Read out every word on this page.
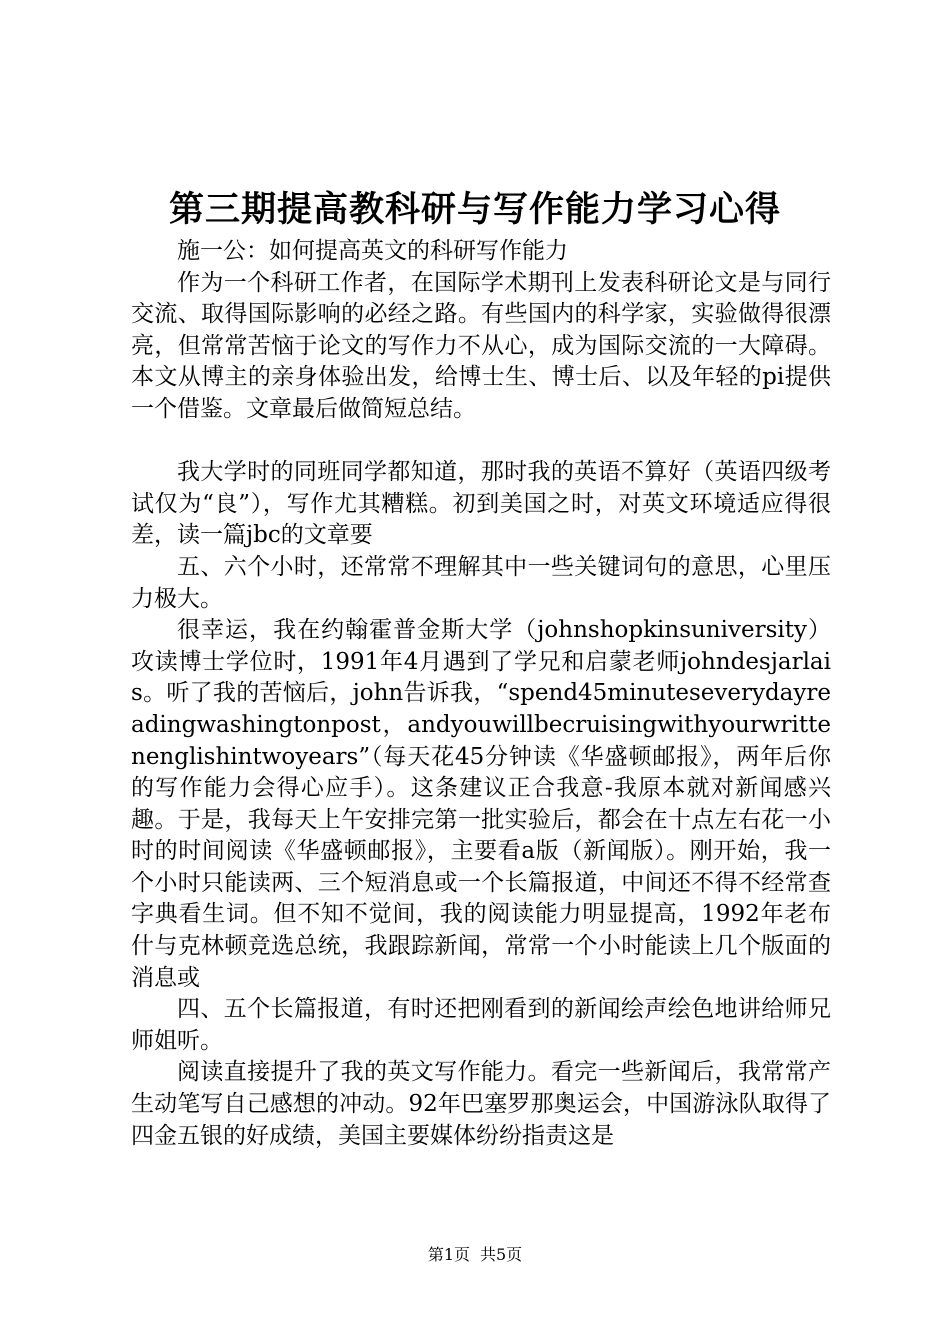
第三期提高教科研与写作能力学习心得

施一公：如何提高英文的科研写作能力

作为一个科研工作者，在国际学术期刊上发表科研论文是与同行交流、取得国际影响的必经之路。有些国内的科学家，实验做得很漂亮，但常常苦恼于论文的写作力不从心，成为国际交流的一大障碍。本文从博主的亲身体验出发，给博士生、博士后、以及年轻的pi提供一个借鉴。文章最后做简短总结。

我大学时的同班同学都知道，那时我的英语不算好（英语四级考试仅为“良”），写作尤其糟糕。初到美国之时，对英文环境适应得很差，读一篇jbc的文章要

五、六个小时，还常常不理解其中一些关键词句的意思，心里压力极大。

很幸运，我在约翰霍普金斯大学（johnshopkinsuniversity）攻读博士学位时，1991年4月遇到了学兄和启蒙老师johndesjarlais。听了我的苦恼后，john告诉我，“spend45minuteseverydayreadingwashingtonpost，andyouwillbecruisingwithyourwrittenenglishintwoyears”（每天花45分钟读《华盛顿邮报》，两年后你的写作能力会得心应手）。这条建议正合我意-我原本就对新闻感兴趣。于是，我每天上午安排完第一批实验后，都会在十点左右花一小时的时间阅读《华盛顿邮报》，主要看a版（新闻版）。刚开始，我一个小时只能读两、三个短消息或一个长篇报道，中间还不得不经常查字典看生词。但不知不觉间，我的阅读能力明显提高，1992年老布什与克林顿竞选总统，我跟踪新闻，常常一个小时能读上几个版面的消息或

四、五个长篇报道，有时还把刚看到的新闻绘声绘色地讲给师兄师姐听。

阅读直接提升了我的英文写作能力。看完一些新闻后，我常常产生动笔写自己感想的冲动。92年巴塞罗那奥运会，中国游泳队取得了四金五银的好成绩，美国主要媒体纷纷指责这是

第1页 共5页
